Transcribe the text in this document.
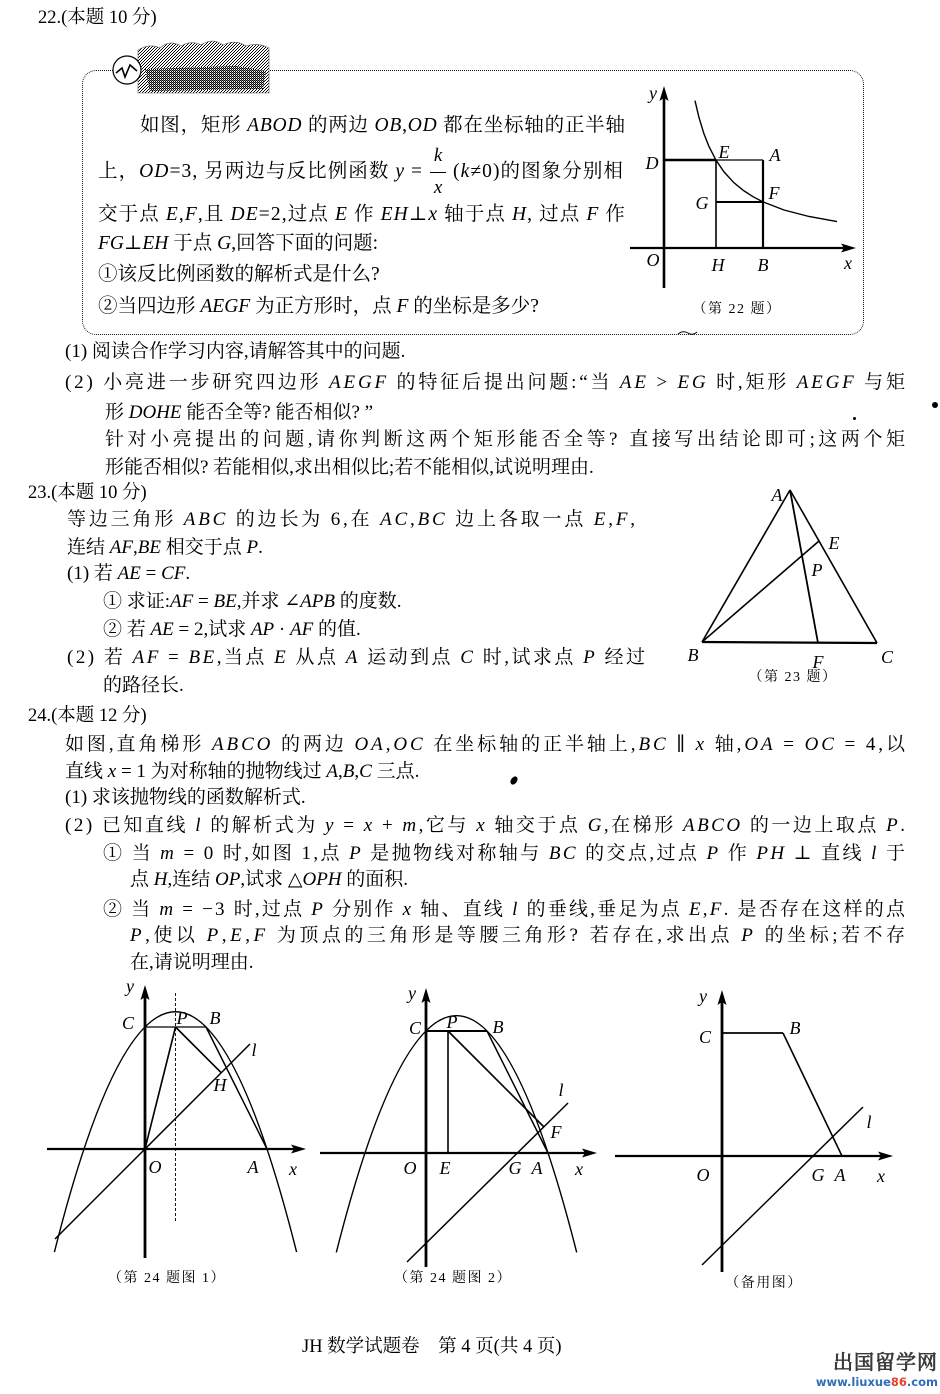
22.(本题 10 分)
如图，矩形 ABOD 的两边 OB,OD 都在坐标轴的正半轴
上，OD=3, 另两边与反比例函数 $y = \frac{k}{x} (k\ne 0)$的图象分别相
交于点 E,F,且 DE=2,过点 E 作 EH⊥x 轴于点 H, 过点 F 作
FG⊥EH 于点 G,回答下面的问题:
①该反比例函数的解析式是什么?
②当四边形 AEGF 为正方形时，点 F 的坐标是多少?
y
D
E A
F
G
O	H B	x
（第 22 题）
(1) 阅读合作学习内容,请解答其中的问题.
(2) 小亮进一步研究四边形 AEGF 的特征后提出问题:“当 AE > EG 时,矩形 AEGF 与矩
形 DOHE 能否全等? 能否相似? ”
针对小亮提出的问题,请你判断这两个矩形能否全等? 直接写出结论即可;这两个矩
形能否相似? 若能相似,求出相似比;若不能相似,试说明理由.
23.(本题 10 分)
等边三角形 ABC 的边长为 6,在 AC,BC 边上各取一点 E,F,
连结 AF,BE 相交于点 P.
(1) 若 AE = CF.
① 求证:AF = BE,并求 ∠APB 的度数.
② 若 AE = 2,试求 AP · AF 的值.
(2) 若 AF = BE,当点 E 从点 A 运动到点 C 时,试求点 P 经过
的路径长.
A
E
P
B	F	C
（第 23 题）
24.(本题 12 分)
如图,直角梯形 ABCO 的两边 OA,OC 在坐标轴的正半轴上,BC ∥ x 轴,OA = OC = 4,以
直线 x = 1 为对称轴的抛物线过 A,B,C 三点.
(1) 求该抛物线的函数解析式.
(2) 已知直线 l 的解析式为 y = x + m,它与 x 轴交于点 G,在梯形 ABCO 的一边上取点 P.
① 当 m = 0 时,如图 1,点 P 是抛物线对称轴与 BC 的交点,过点 P 作 PH ⊥ 直线 l 于
点 H,连结 OP,试求 △OPH 的面积.
② 当 m = −3 时,过点 P 分别作 x 轴、直线 l 的垂线,垂足为点 E,F. 是否存在这样的点
P,使以 P,E,F 为顶点的三角形是等腰三角形? 若存在,求出点 P 的坐标;若不存
在,请说明理由.
y
C P B
l
H
O	A x
（第 24 题图 1）
y
C P B
l
F
O E	G A x
（第 24 题图 2）
y
C	B
l
O	G A x
（备用图）
JH 数学试题卷　第 4 页(共 4 页)
出国留学网
www.liuxue86.com
